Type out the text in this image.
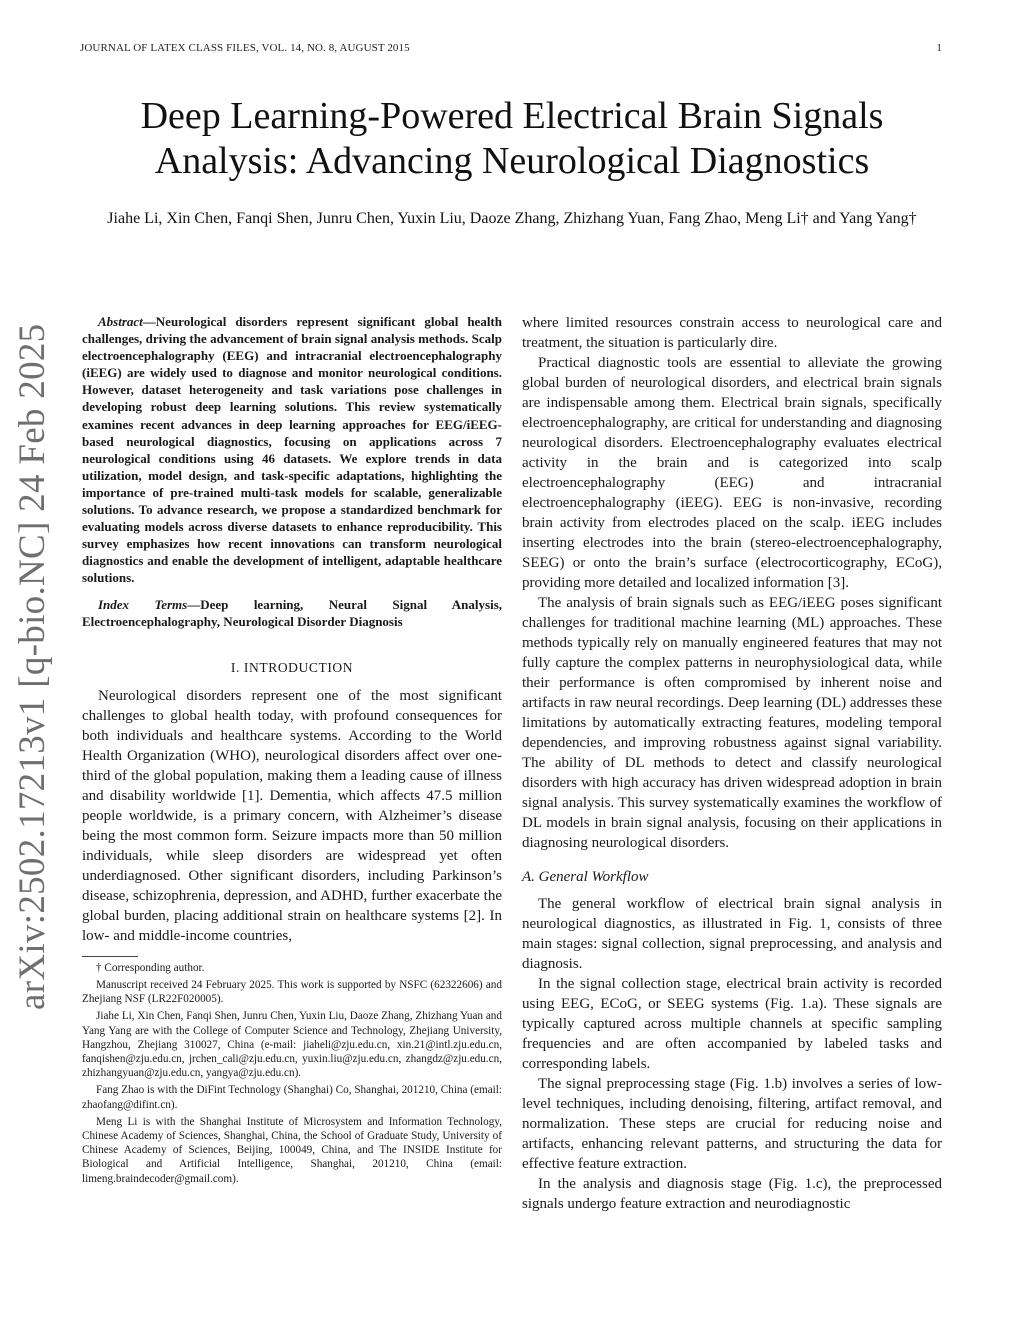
JOURNAL OF LATEX CLASS FILES, VOL. 14, NO. 8, AUGUST 2015	1
arXiv:2502.17213v1 [q-bio.NC] 24 Feb 2025
Deep Learning-Powered Electrical Brain Signals Analysis: Advancing Neurological Diagnostics
Jiahe Li, Xin Chen, Fanqi Shen, Junru Chen, Yuxin Liu, Daoze Zhang, Zhizhang Yuan, Fang Zhao, Meng Li† and Yang Yang†

Abstract—Neurological disorders represent significant global health challenges, driving the advancement of brain signal analysis methods. Scalp electroencephalography (EEG) and intracranial electroencephalography (iEEG) are widely used to diagnose and monitor neurological conditions. However, dataset heterogeneity and task variations pose challenges in developing robust deep learning solutions. This review systematically examines recent advances in deep learning approaches for EEG/iEEG-based neurological diagnostics, focusing on applications across 7 neurological conditions using 46 datasets. We explore trends in data utilization, model design, and task-specific adaptations, highlighting the importance of pre-trained multi-task models for scalable, generalizable solutions. To advance research, we propose a standardized benchmark for evaluating models across diverse datasets to enhance reproducibility. This survey emphasizes how recent innovations can transform neurological diagnostics and enable the development of intelligent, adaptable healthcare solutions.

Index Terms—Deep learning, Neural Signal Analysis, Electroencephalography, Neurological Disorder Diagnosis

I. INTRODUCTION

Neurological disorders represent one of the most significant challenges to global health today, with profound consequences for both individuals and healthcare systems. According to the World Health Organization (WHO), neurological disorders affect over one-third of the global population, making them a leading cause of illness and disability worldwide [1]. Dementia, which affects 47.5 million people worldwide, is a primary concern, with Alzheimer’s disease being the most common form. Seizure impacts more than 50 million individuals, while sleep disorders are widespread yet often underdiagnosed. Other significant disorders, including Parkinson’s disease, schizophrenia, depression, and ADHD, further exacerbate the global burden, placing additional strain on healthcare systems [2]. In low- and middle-income countries,

† Corresponding author.

Manuscript received 24 February 2025. This work is supported by NSFC (62322606) and Zhejiang NSF (LR22F020005).

Jiahe Li, Xin Chen, Fanqi Shen, Junru Chen, Yuxin Liu, Daoze Zhang, Zhizhang Yuan and Yang Yang are with the College of Computer Science and Technology, Zhejiang University, Hangzhou, Zhejiang 310027, China (e-mail: jiaheli@zju.edu.cn, xin.21@intl.zju.edu.cn, fanqishen@zju.edu.cn, jrchen_cali@zju.edu.cn, yuxin.liu@zju.edu.cn, zhangdz@zju.edu.cn, zhizhangyuan@zju.edu.cn, yangya@zju.edu.cn).

Fang Zhao is with the DiFint Technology (Shanghai) Co, Shanghai, 201210, China (email: zhaofang@difint.cn).

Meng Li is with the Shanghai Institute of Microsystem and Information Technology, Chinese Academy of Sciences, Shanghai, China, the School of Graduate Study, University of Chinese Academy of Sciences, Beijing, 100049, China, and The INSIDE Institute for Biological and Artificial Intelligence, Shanghai, 201210, China (email: limeng.braindecoder@gmail.com).

where limited resources constrain access to neurological care and treatment, the situation is particularly dire.

Practical diagnostic tools are essential to alleviate the growing global burden of neurological disorders, and electrical brain signals are indispensable among them. Electrical brain signals, specifically electroencephalography, are critical for understanding and diagnosing neurological disorders. Electroencephalography evaluates electrical activity in the brain and is categorized into scalp electroencephalography (EEG) and intracranial electroencephalography (iEEG). EEG is non-invasive, recording brain activity from electrodes placed on the scalp. iEEG includes inserting electrodes into the brain (stereo-electroencephalography, SEEG) or onto the brain’s surface (electrocorticography, ECoG), providing more detailed and localized information [3].

The analysis of brain signals such as EEG/iEEG poses significant challenges for traditional machine learning (ML) approaches. These methods typically rely on manually engineered features that may not fully capture the complex patterns in neurophysiological data, while their performance is often compromised by inherent noise and artifacts in raw neural recordings. Deep learning (DL) addresses these limitations by automatically extracting features, modeling temporal dependencies, and improving robustness against signal variability. The ability of DL methods to detect and classify neurological disorders with high accuracy has driven widespread adoption in brain signal analysis. This survey systematically examines the workflow of DL models in brain signal analysis, focusing on their applications in diagnosing neurological disorders.

A. General Workflow

The general workflow of electrical brain signal analysis in neurological diagnostics, as illustrated in Fig. 1, consists of three main stages: signal collection, signal preprocessing, and analysis and diagnosis.

In the signal collection stage, electrical brain activity is recorded using EEG, ECoG, or SEEG systems (Fig. 1.a). These signals are typically captured across multiple channels at specific sampling frequencies and are often accompanied by labeled tasks and corresponding labels.

The signal preprocessing stage (Fig. 1.b) involves a series of low-level techniques, including denoising, filtering, artifact removal, and normalization. These steps are crucial for reducing noise and artifacts, enhancing relevant patterns, and structuring the data for effective feature extraction.

In the analysis and diagnosis stage (Fig. 1.c), the preprocessed signals undergo feature extraction and neurodiagnostic
